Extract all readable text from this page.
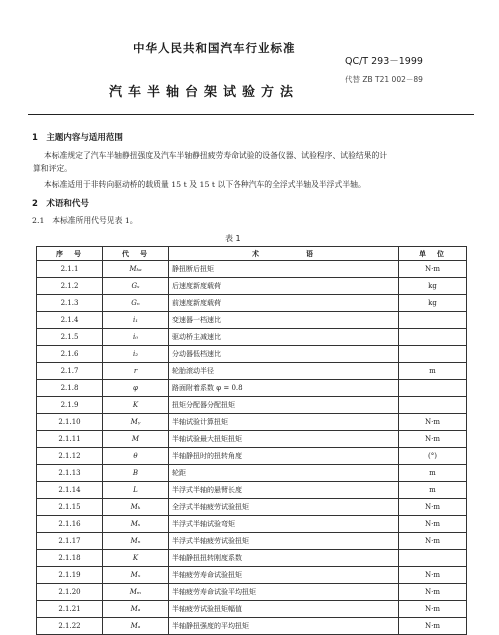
中华人民共和国汽车行业标准
QC/T 293－1999
汽车半轴台架试验方法
代替 ZB T21 002－89
1　主题内容与适用范围
本标准规定了汽车半轴静扭强度及汽车半轴静扭疲劳寿命试验的设备仪器、试验程序、试验结果的计
算和评定。
本标准适用于非转向驱动桥的载质量 15 t 及 15 t 以下各种汽车的全浮式半轴及半浮式半轴。
2　术语和代号
2.1　本标准所用代号见表 1。
表 1
序　号	代　号	术　　　　　语	单　位
2.1.1	Mₖₐ	静扭断后扭矩	N·m
2.1.2	Gₛ	后速度新度载荷	kg
2.1.3	Gₙ	前速度新度载荷	kg
2.1.4	i₁	变速器一档速比	
2.1.5	i₀	驱动桥主减速比	
2.1.6	i₂	分动器低档速比	
2.1.7	r	轮胎滚动半径	m
2.1.8	φ	路面附着系数 φ = 0.8	
2.1.9	K	扭矩分配器分配扭矩	
2.1.10	Mᵧ	半轴试验计算扭矩	N·m
2.1.11	M	半轴试验最大扭矩扭矩	N·m
2.1.12	θ	半轴静扭时的扭转角度	(°)
2.1.13	B	轮距	m
2.1.14	L	半浮式半轴的悬臂长度	m
2.1.15	Mₖ	全浮式半轴疲劳试验扭矩	N·m
2.1.16	Mₛ	半浮式半轴试验弯矩	N·m
2.1.17	Mₙ	半浮式半轴疲劳试验扭矩	N·m
2.1.18	K	半轴静扭扭转刚度系数	
2.1.19	Mₓ	半轴疲劳寿命试验扭矩	N·m
2.1.20	Mₘ	半轴疲劳寿命试验平均扭矩	N·m
2.1.21	Mₐ	半轴疲劳试验扭矩幅值	N·m
2.1.22	Mₐ	半轴静扭强度的平均扭矩	N·m
